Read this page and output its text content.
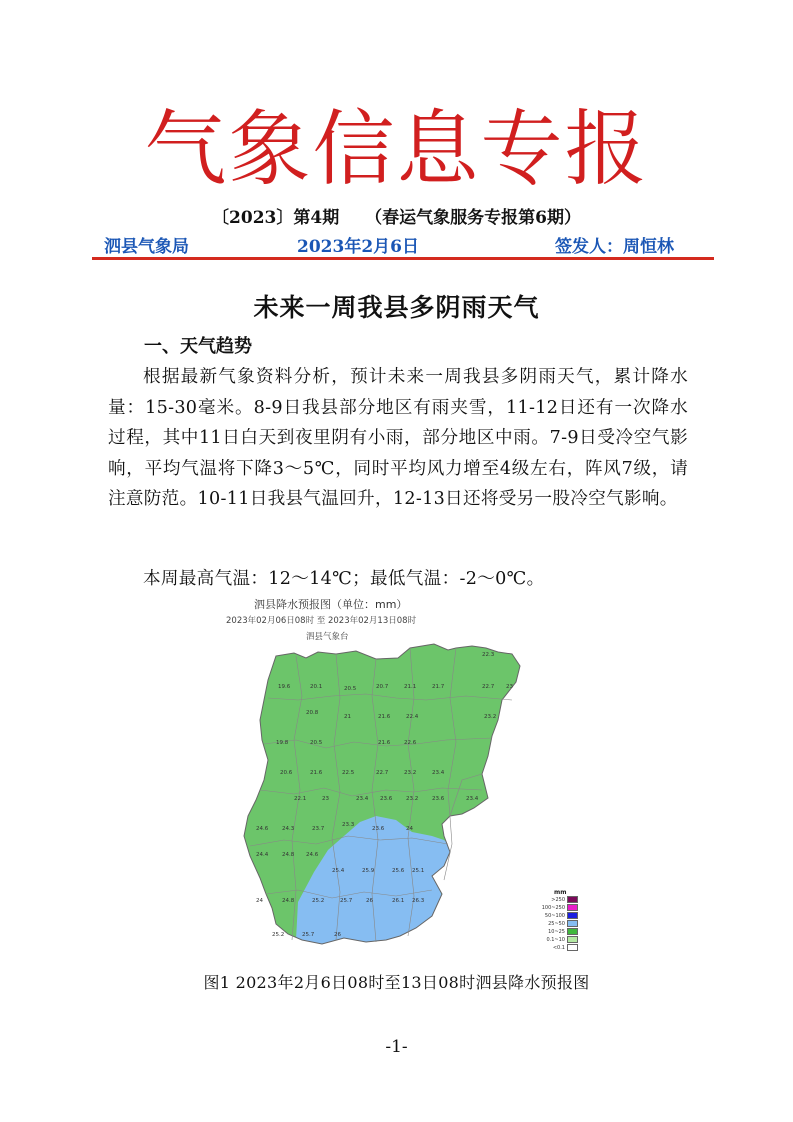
气象信息专报
〔2023〕第4期 （春运气象服务专报第6期）
泗县气象局	2023年2月6日	签发人：周恒林
未来一周我县多阴雨天气
一、天气趋势
根据最新气象资料分析，预计未来一周我县多阴雨天气，累计降水量：15-30毫米。8-9日我县部分地区有雨夹雪，11-12日还有一次降水过程，其中11日白天到夜里阴有小雨，部分地区中雨。7-9日受冷空气影响，平均气温将下降3～5℃，同时平均风力增至4级左右，阵风7级，请注意防范。10-11日我县气温回升，12-13日还将受另一股冷空气影响。
本周最高气温：12～14℃；最低气温：-2～0℃。
泗县降水预报图（单位：mm）
2023年02月06日08时 至 2023年02月13日08时
泗县气象台
22.3
19.6	20.1	20.5	20.7	21.1	21.7	22.7 23
20.8
21	21.6	22.4	23.2
19.8	20.5	21.6	22.6
20.6	21.6	22.5	22.7	23.2	23.4
22.1	23	23.4 23.6	23.2	23.6	23.4
24.6	24.3	23.7
23.3
23.6	24
24.4	24.8 24.6
25.4	25.9	25.6 25.1
24	24.8	25.2	25.7	26	26.1 26.3
25.2	25.7	26
mm
>250
100~250
50~100
25~50
10~25
0.1~10
<0.1
图1 2023年2月6日08时至13日08时泗县降水预报图
-1-
